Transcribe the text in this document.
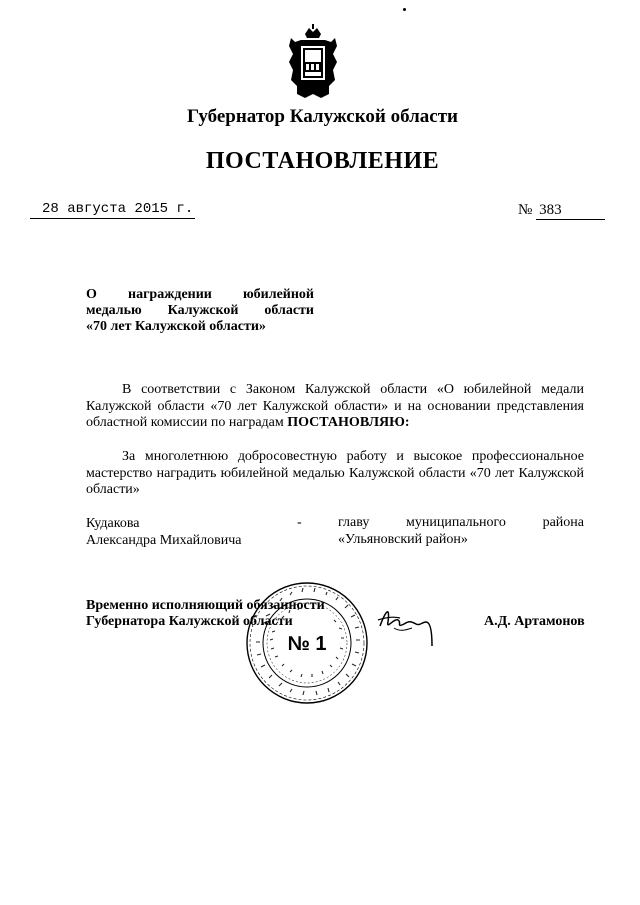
Губернатор Калужской области
ПОСТАНОВЛЕНИЕ
28 августа 2015 г.	№ 383
О награждении юбилейной
медалью Калужской области
«70 лет Калужской области»
В соответствии с Законом Калужской области «О юбилейной медали Калужской области «70 лет Калужской области» и на основании представления областной комиссии по наградам ПОСТАНОВЛЯЮ:
За многолетнюю добросовестную работу и высокое профессиональное мастерство наградить юбилейной медалью Калужской области «70 лет Калужской области»
Кудакова
Александра Михайловича
-	главу	муниципального	района
«Ульяновский район»
Временно исполняющий обязанности
Губернатора Калужской области	А.Д. Артамонов
№ 1
